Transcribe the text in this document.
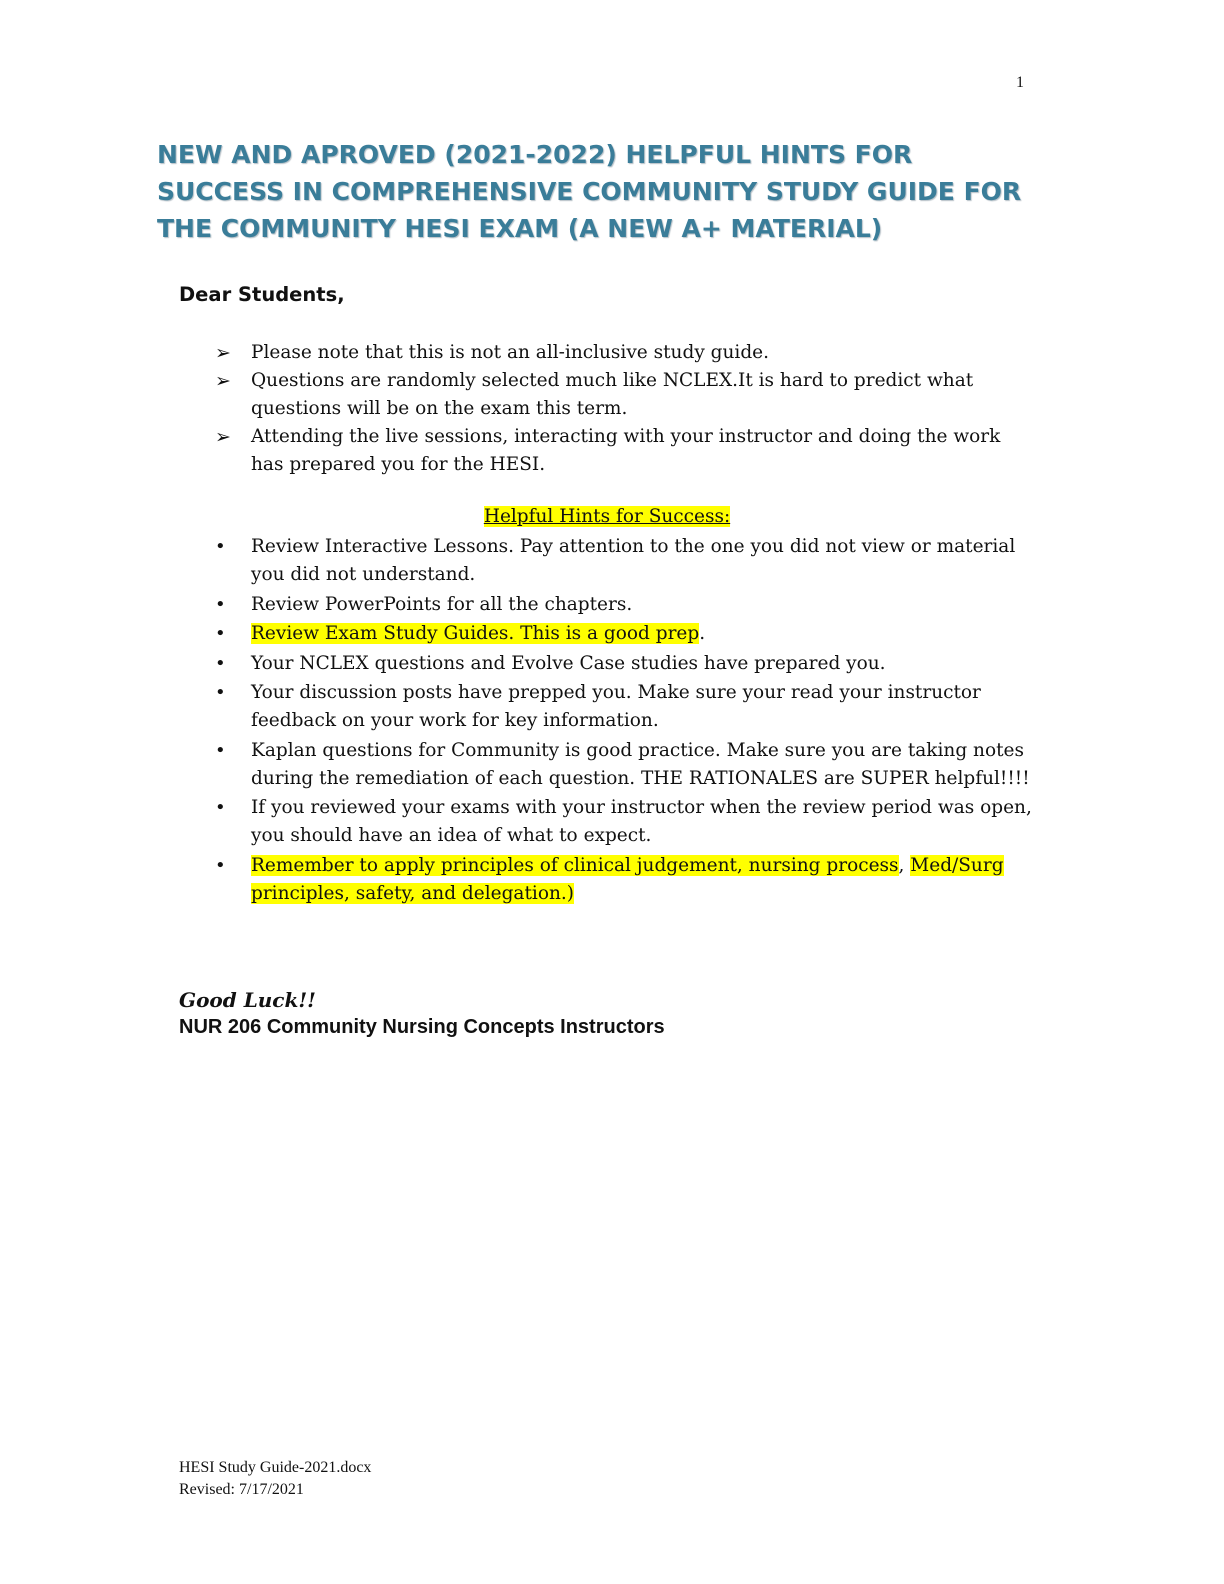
1
NEW AND APROVED (2021-2022) HELPFUL HINTS FOR
SUCCESS IN COMPREHENSIVE COMMUNITY STUDY GUIDE FOR
THE COMMUNITY HESI EXAM (A NEW A+ MATERIAL)
Dear Students,
➢ Please note that this is not an all-inclusive study guide.
➢ Questions are randomly selected much like NCLEX.It is hard to predict what questions will be on the exam this term.
➢ Attending the live sessions, interacting with your instructor and doing the work has prepared you for the HESI.
Helpful Hints for Success:
• Review Interactive Lessons. Pay attention to the one you did not view or material you did not understand.
• Review PowerPoints for all the chapters.
• Review Exam Study Guides. This is a good prep.
• Your NCLEX questions and Evolve Case studies have prepared you.
• Your discussion posts have prepped you. Make sure your read your instructor feedback on your work for key information.
• Kaplan questions for Community is good practice. Make sure you are taking notes during the remediation of each question. THE RATIONALES are SUPER helpful!!!!
• If you reviewed your exams with your instructor when the review period was open, you should have an idea of what to expect.
• Remember to apply principles of clinical judgement, nursing process, Med/Surg principles, safety, and delegation.)
Good Luck!!
NUR 206 Community Nursing Concepts Instructors
HESI Study Guide-2021.docx
Revised: 7/17/2021
